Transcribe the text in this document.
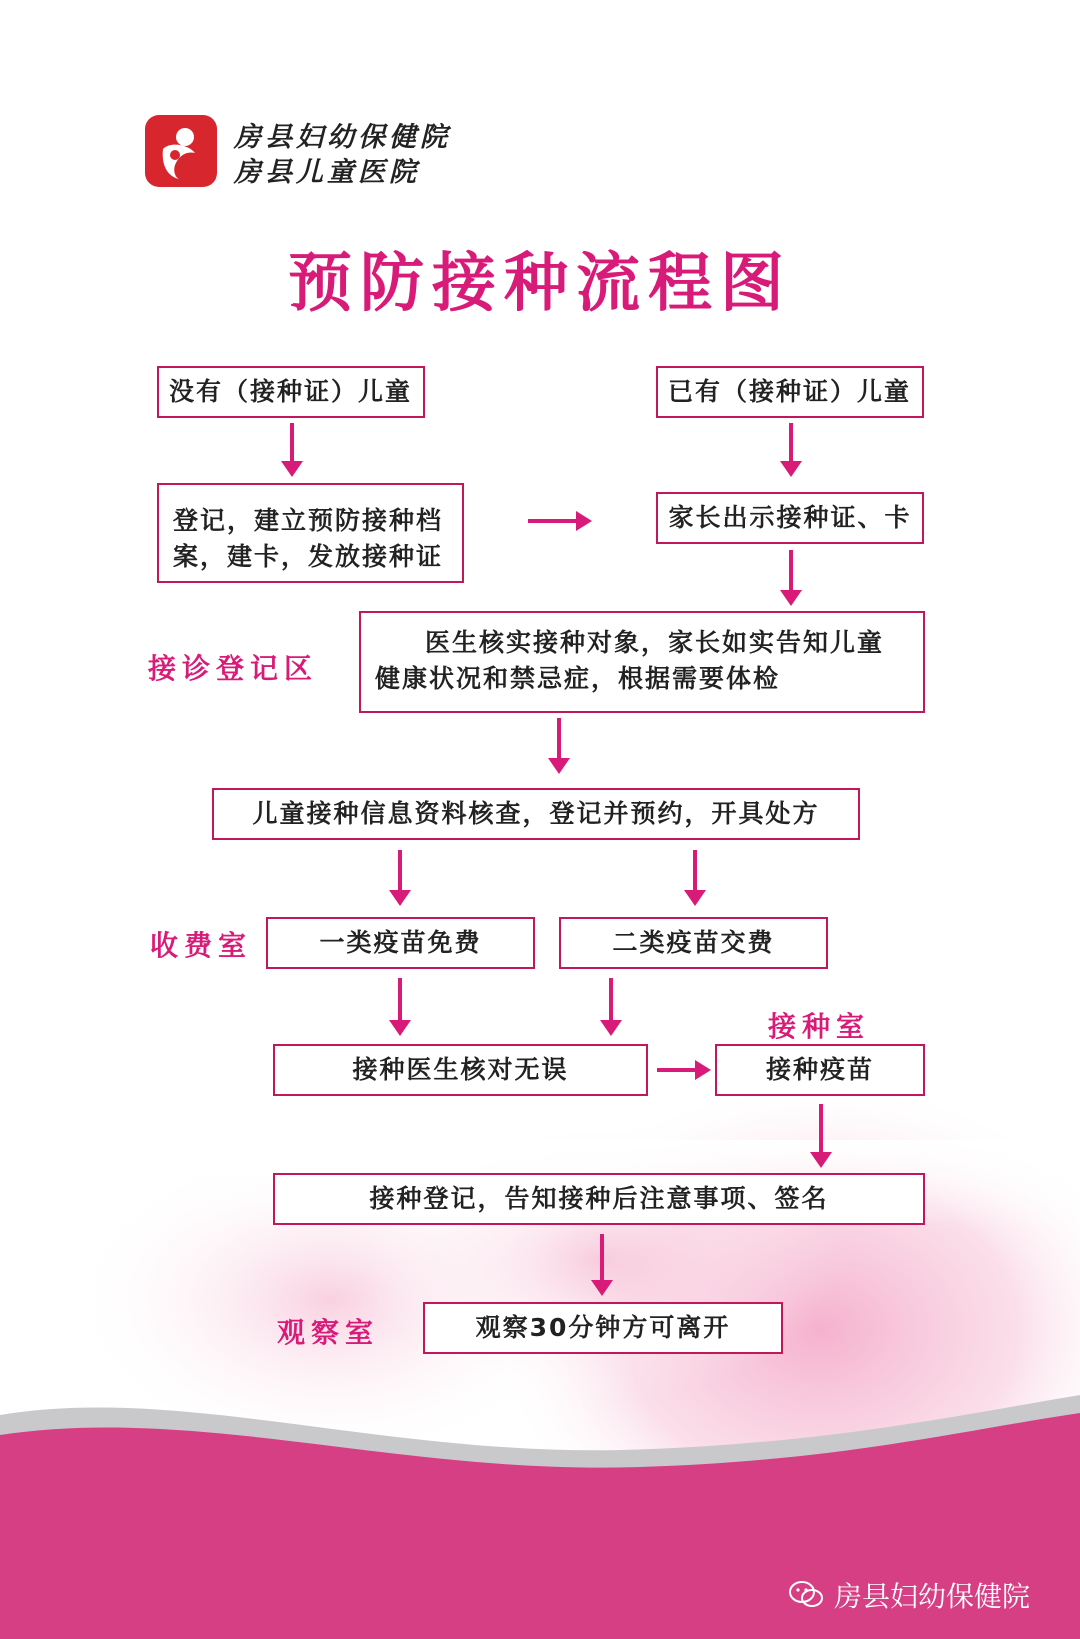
房县妇幼保健院
房县儿童医院
预防接种流程图
没有（接种证）儿童	已有（接种证）儿童
登记，建立预防接种档
案，建卡，发放接种证
家长出示接种证、卡
接诊登记区
医生核实接种对象，家长如实告知儿童
健康状况和禁忌症，根据需要体检
儿童接种信息资料核查，登记并预约，开具处方
收费室	一类疫苗免费	二类疫苗交费
接种室
接种医生核对无误	接种疫苗
接种登记，告知接种后注意事项、签名
观察室	观察30分钟方可离开
房县妇幼保健院
